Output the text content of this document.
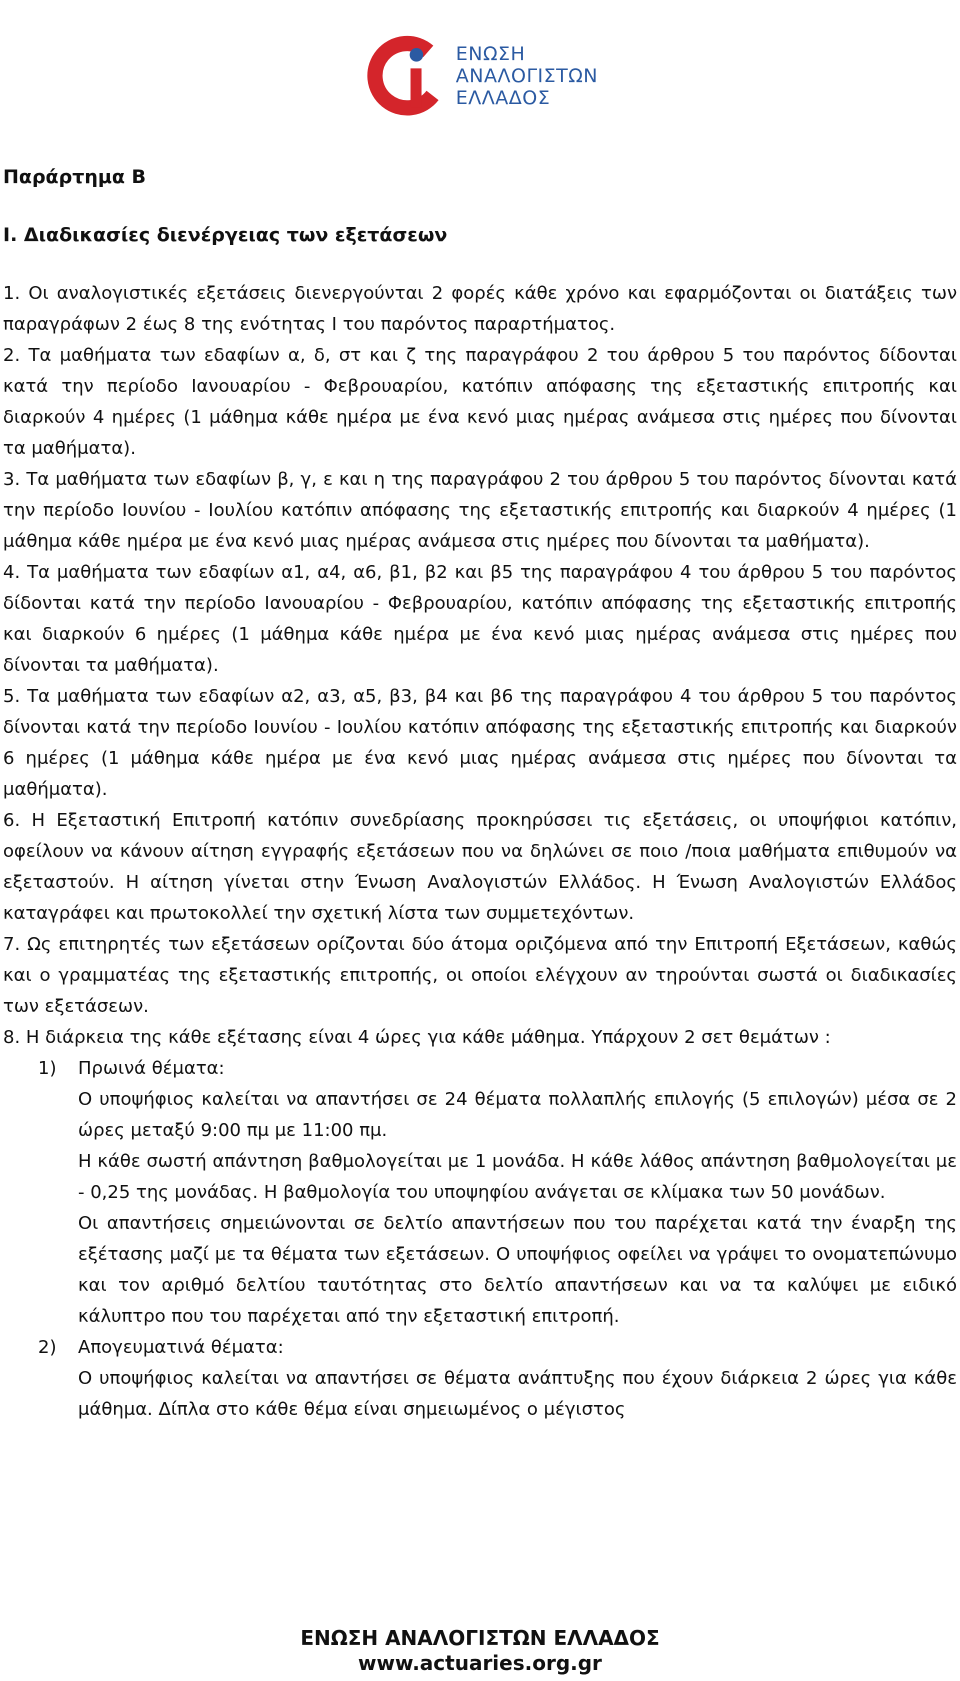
ΕΝΩΣΗ
ΑΝΑΛΟΓΙΣΤΩΝ
ΕΛΛΑΔΟΣ

Παράρτημα Β

Ι. Διαδικασίες διενέργειας των εξετάσεων

1. Οι αναλογιστικές εξετάσεις διενεργούνται 2 φορές κάθε χρόνο και εφαρμόζονται οι διατάξεις των παραγράφων 2 έως 8 της ενότητας Ι του παρόντος παραρτήματος.

2. Τα μαθήματα των εδαφίων α, δ, στ και ζ της παραγράφου 2 του άρθρου 5 του παρόντος δίδονται κατά την περίοδο Ιανουαρίου - Φεβρουαρίου, κατόπιν απόφασης της εξεταστικής επιτροπής και διαρκούν 4 ημέρες (1 μάθημα κάθε ημέρα με ένα κενό μιας ημέρας ανάμεσα στις ημέρες που δίνονται τα μαθήματα).

3. Τα μαθήματα των εδαφίων β, γ, ε και η της παραγράφου 2 του άρθρου 5 του παρόντος δίνονται κατά την περίοδο Ιουνίου - Ιουλίου κατόπιν απόφασης της εξεταστικής επιτροπής και διαρκούν 4 ημέρες (1 μάθημα κάθε ημέρα με ένα κενό μιας ημέρας ανάμεσα στις ημέρες που δίνονται τα μαθήματα).

4. Τα μαθήματα των εδαφίων α1, α4, α6, β1, β2 και β5 της παραγράφου 4 του άρθρου 5 του παρόντος δίδονται κατά την περίοδο Ιανουαρίου - Φεβρουαρίου, κατόπιν απόφασης της εξεταστικής επιτροπής και διαρκούν 6 ημέρες (1 μάθημα κάθε ημέρα με ένα κενό μιας ημέρας ανάμεσα στις ημέρες που δίνονται τα μαθήματα).

5. Τα μαθήματα των εδαφίων α2, α3, α5, β3, β4 και β6 της παραγράφου 4 του άρθρου 5 του παρόντος δίνονται κατά την περίοδο Ιουνίου - Ιουλίου κατόπιν απόφασης της εξεταστικής επιτροπής και διαρκούν 6 ημέρες (1 μάθημα κάθε ημέρα με ένα κενό μιας ημέρας ανάμεσα στις ημέρες που δίνονται τα μαθήματα).

6. Η Εξεταστική Επιτροπή κατόπιν συνεδρίασης προκηρύσσει τις εξετάσεις, οι υποψήφιοι κατόπιν, οφείλουν να κάνουν αίτηση εγγραφής εξετάσεων που να δηλώνει σε ποιο /ποια μαθήματα επιθυμούν να εξεταστούν. Η αίτηση γίνεται στην Ένωση Αναλογιστών Ελλάδος. Η Ένωση Αναλογιστών Ελλάδος καταγράφει και πρωτοκολλεί την σχετική λίστα των συμμετεχόντων.

7. Ως επιτηρητές των εξετάσεων ορίζονται δύο άτομα οριζόμενα από την Επιτροπή Εξετάσεων, καθώς και ο γραμματέας της εξεταστικής επιτροπής, οι οποίοι ελέγχουν αν τηρούνται σωστά οι διαδικασίες των εξετάσεων.

8. Η διάρκεια της κάθε εξέτασης είναι 4 ώρες για κάθε μάθημα. Υπάρχουν 2 σετ θεμάτων :

1)	Πρωινά θέματα:

Ο υποψήφιος καλείται να απαντήσει σε 24 θέματα πολλαπλής επιλογής (5 επιλογών) μέσα σε 2 ώρες μεταξύ 9:00 πμ με 11:00 πμ.

Η κάθε σωστή απάντηση βαθμολογείται με 1 μονάδα. Η κάθε λάθος απάντηση βαθμολογείται με - 0,25 της μονάδας. Η βαθμολογία του υποψηφίου ανάγεται σε κλίμακα των 50 μονάδων.

Οι απαντήσεις σημειώνονται σε δελτίο απαντήσεων που του παρέχεται κατά την έναρξη της εξέτασης μαζί με τα θέματα των εξετάσεων. Ο υποψήφιος οφείλει να γράψει το ονοματεπώνυμο και τον αριθμό δελτίου ταυτότητας στο δελτίο απαντήσεων και να τα καλύψει με ειδικό κάλυπτρο που του παρέχεται από την εξεταστική επιτροπή.

2)	Απογευματινά θέματα:

Ο υποψήφιος καλείται να απαντήσει σε θέματα ανάπτυξης που έχουν διάρκεια 2 ώρες για κάθε μάθημα. Δίπλα στο κάθε θέμα είναι σημειωμένος ο μέγιστος

ΕΝΩΣΗ ΑΝΑΛΟΓΙΣΤΩΝ ΕΛΛΑΔΟΣ
www.actuaries.org.gr
